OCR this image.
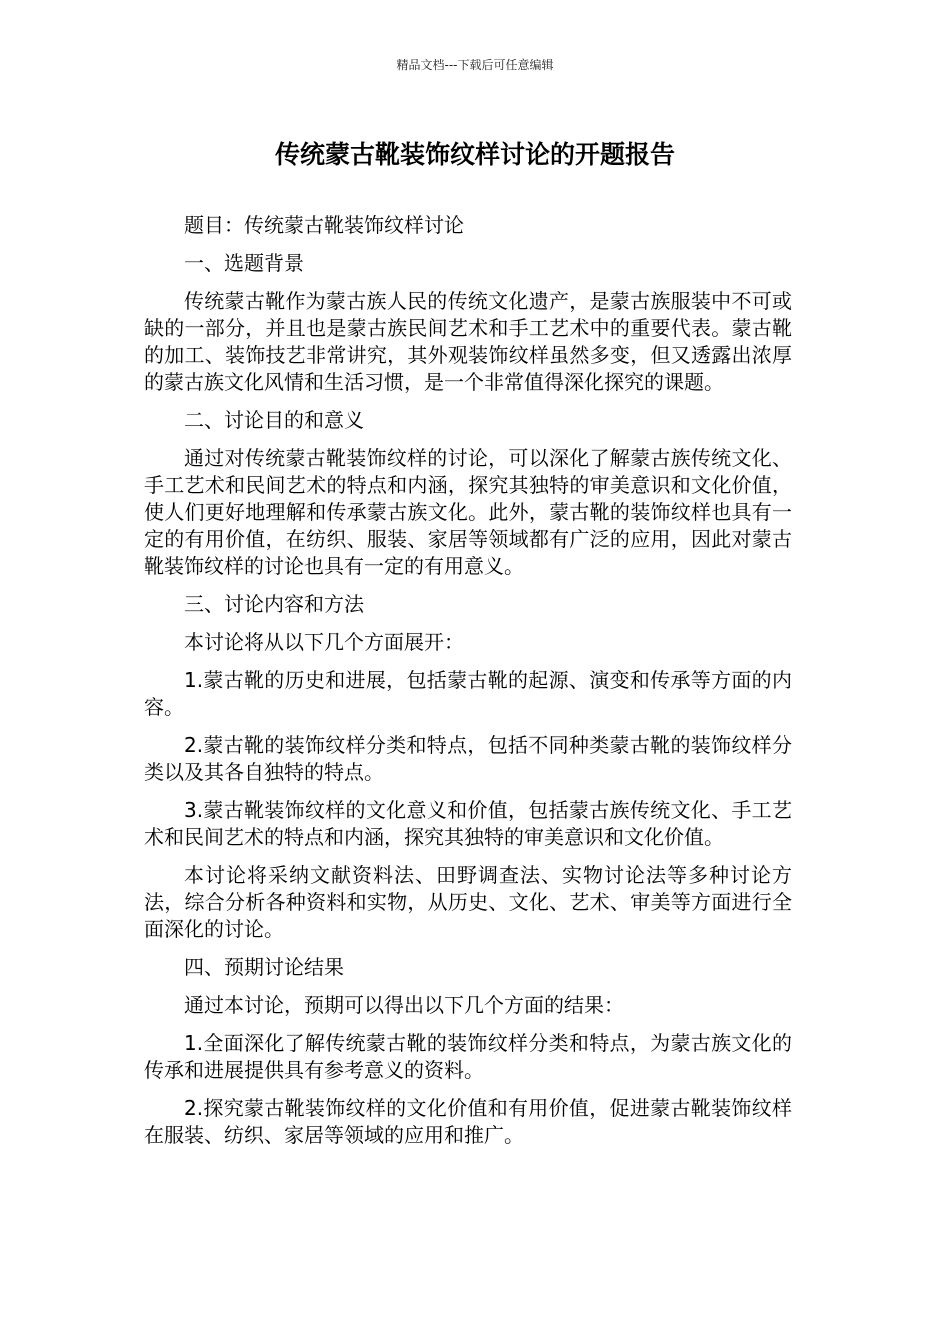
精品文档---下载后可任意编辑
传统蒙古靴装饰纹样讨论的开题报告

题目：传统蒙古靴装饰纹样讨论

一、选题背景

传统蒙古靴作为蒙古族人民的传统文化遗产，是蒙古族服装中不可或缺的一部分，并且也是蒙古族民间艺术和手工艺术中的重要代表。蒙古靴的加工、装饰技艺非常讲究，其外观装饰纹样虽然多变，但又透露出浓厚的蒙古族文化风情和生活习惯，是一个非常值得深化探究的课题。

二、讨论目的和意义

通过对传统蒙古靴装饰纹样的讨论，可以深化了解蒙古族传统文化、手工艺术和民间艺术的特点和内涵，探究其独特的审美意识和文化价值，使人们更好地理解和传承蒙古族文化。此外，蒙古靴的装饰纹样也具有一定的有用价值，在纺织、服装、家居等领域都有广泛的应用，因此对蒙古靴装饰纹样的讨论也具有一定的有用意义。

三、讨论内容和方法

本讨论将从以下几个方面展开：

1.蒙古靴的历史和进展，包括蒙古靴的起源、演变和传承等方面的内容。

2.蒙古靴的装饰纹样分类和特点，包括不同种类蒙古靴的装饰纹样分类以及其各自独特的特点。

3.蒙古靴装饰纹样的文化意义和价值，包括蒙古族传统文化、手工艺术和民间艺术的特点和内涵，探究其独特的审美意识和文化价值。

本讨论将采纳文献资料法、田野调查法、实物讨论法等多种讨论方法，综合分析各种资料和实物，从历史、文化、艺术、审美等方面进行全面深化的讨论。

四、预期讨论结果

通过本讨论，预期可以得出以下几个方面的结果：

1.全面深化了解传统蒙古靴的装饰纹样分类和特点，为蒙古族文化的传承和进展提供具有参考意义的资料。

2.探究蒙古靴装饰纹样的文化价值和有用价值，促进蒙古靴装饰纹样在服装、纺织、家居等领域的应用和推广。
